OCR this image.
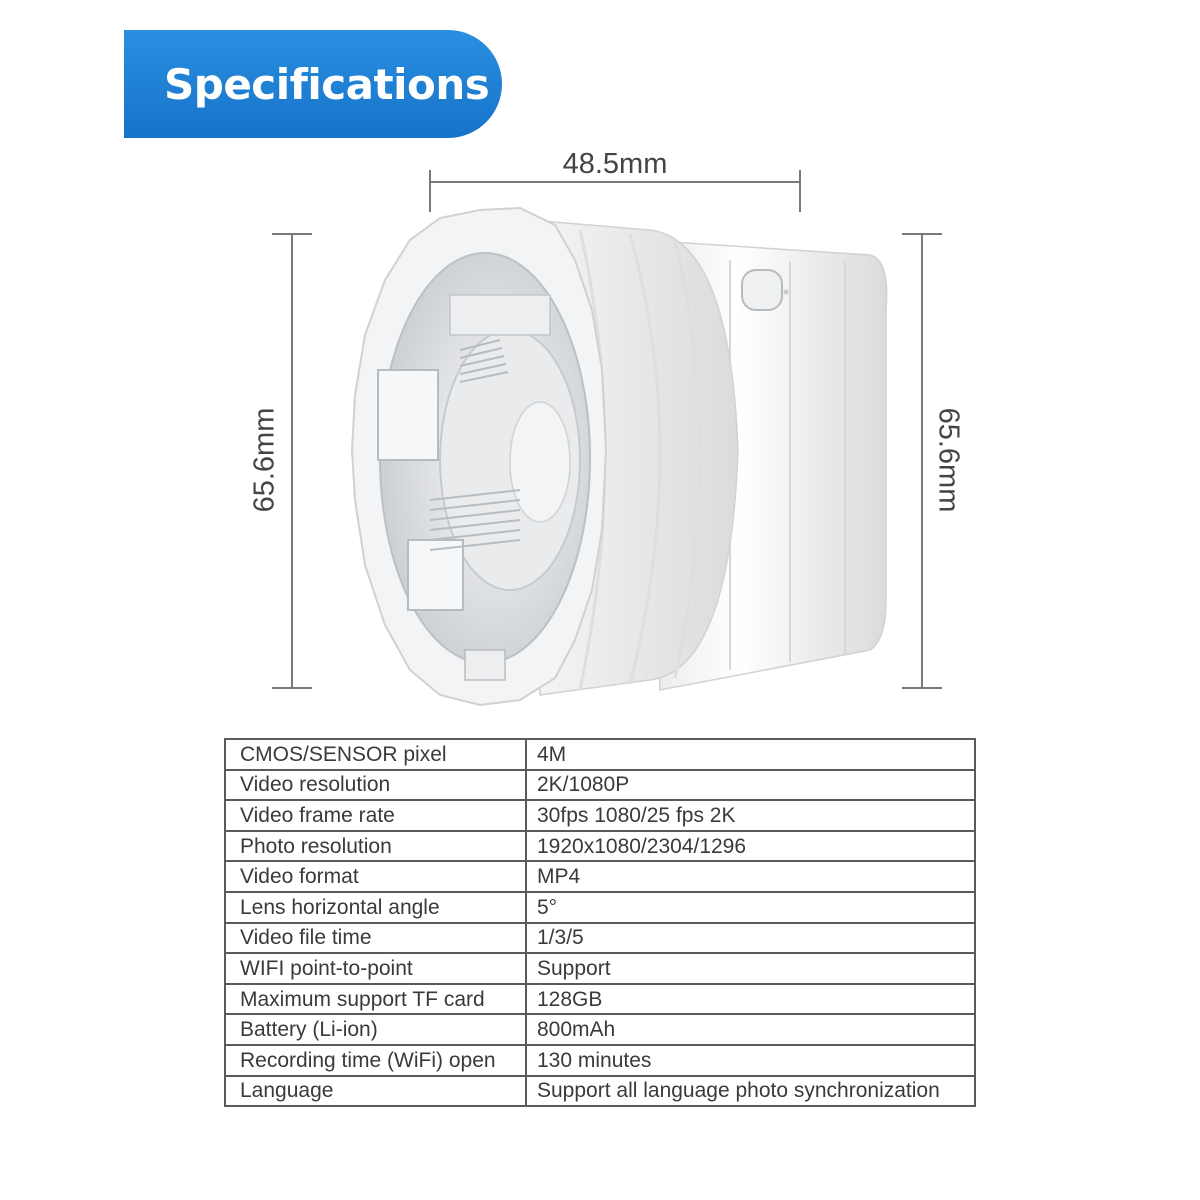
Specifications
48.5mm
65.6mm	65.6mm
CMOS/SENSOR pixel	4M
Video resolution	2K/1080P
Video frame rate	30fps 1080/25 fps 2K
Photo resolution	1920x1080/2304/1296
Video format	MP4
Lens horizontal angle	5°
Video file time	1/3/5
WIFI point-to-point	Support
Maximum support TF card	128GB
Battery (Li-ion)	800mAh
Recording time (WiFi) open	130 minutes
Language	Support all language photo synchronization
